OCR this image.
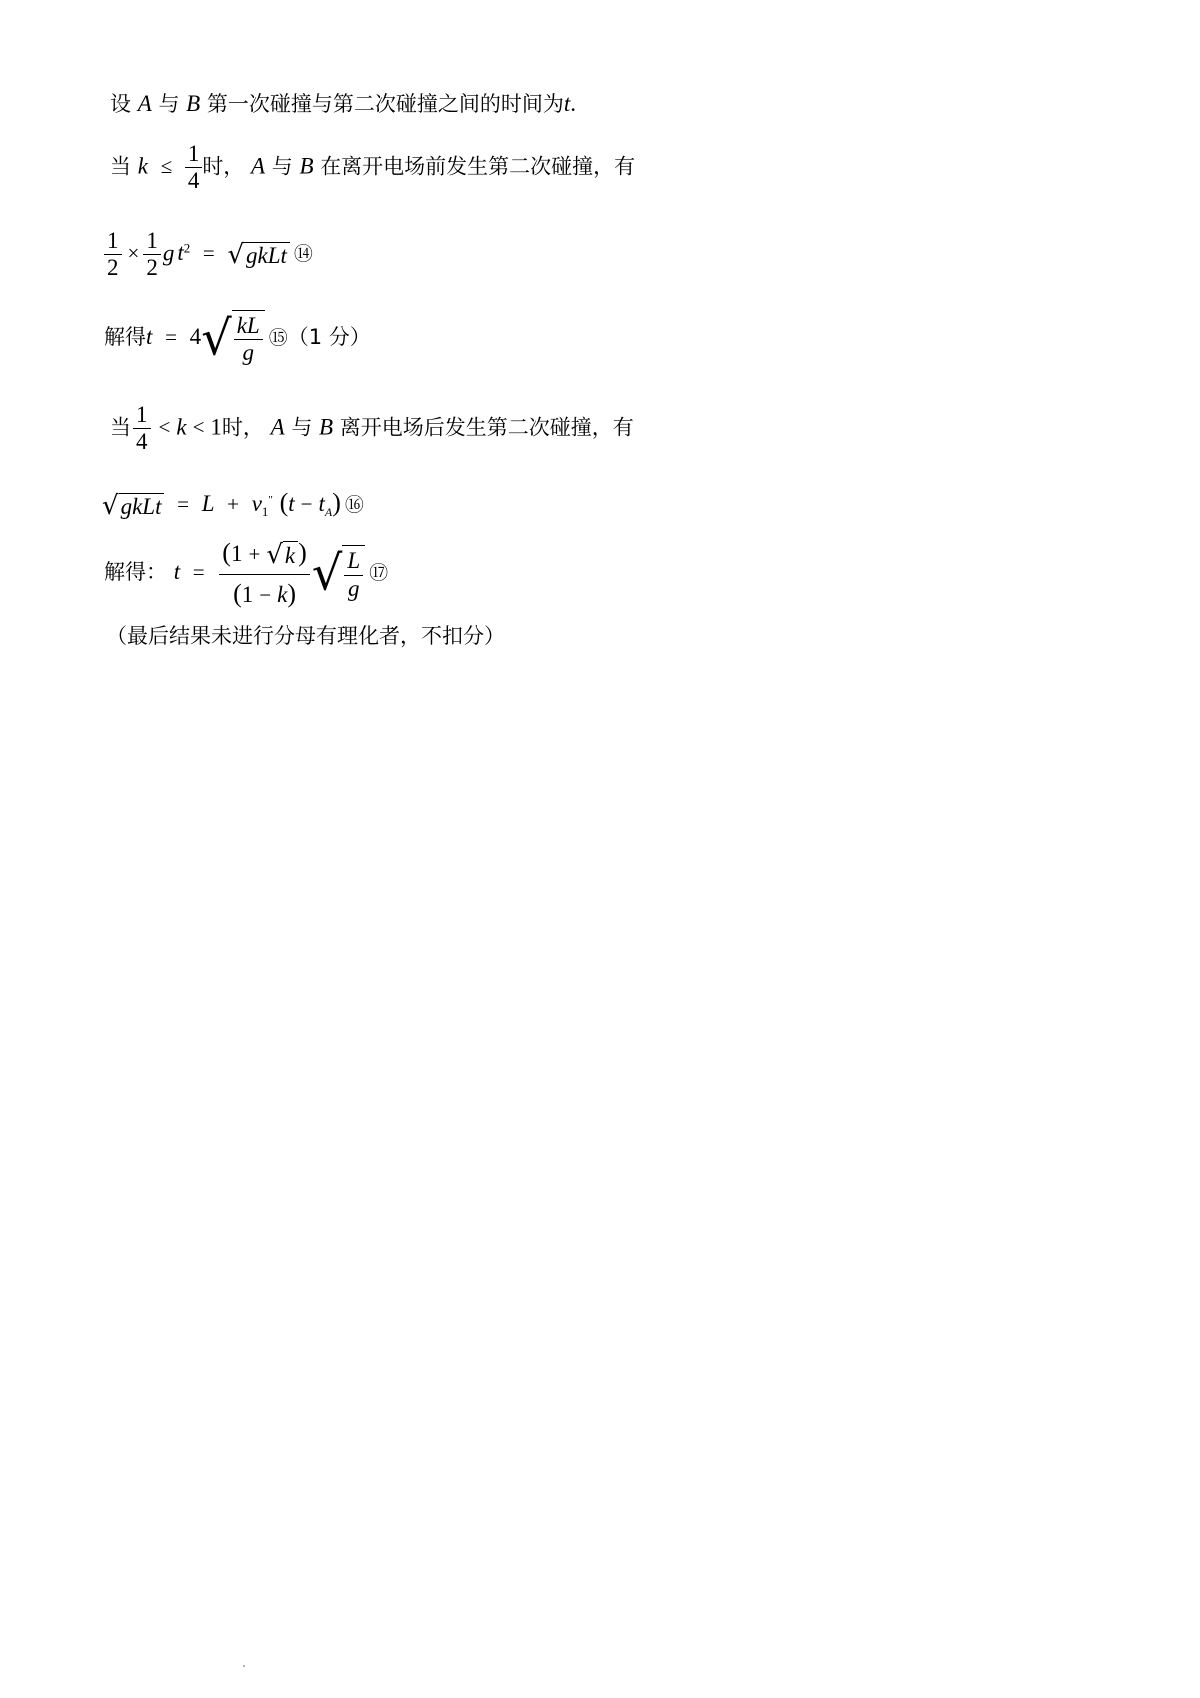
设 A 与 B 第一次碰撞与第二次碰撞之间的时间为t.
当 $k \le \frac{1}{4}$ 时， A 与 B 在离开电场前发生第二次碰撞，有
$\frac{1}{2} \times \frac{1}{2}$ g $t^2$ = √gkLt ⑭
解得$t = 4√ \frac{kL}{g}$ ⑮（1 分）
当 $\frac{1}{4} < k < 1$时， A 与 B 离开电场后发生第二次碰撞，有
√gkLt = $L + v_1^"$ $(t - t_A)$ ⑯
解得： $t = \frac{(1 + √k )}{(1 - k)}$ √ $\frac{L}{g}$ ⑰
（最后结果未进行分母有理化者，不扣分）
